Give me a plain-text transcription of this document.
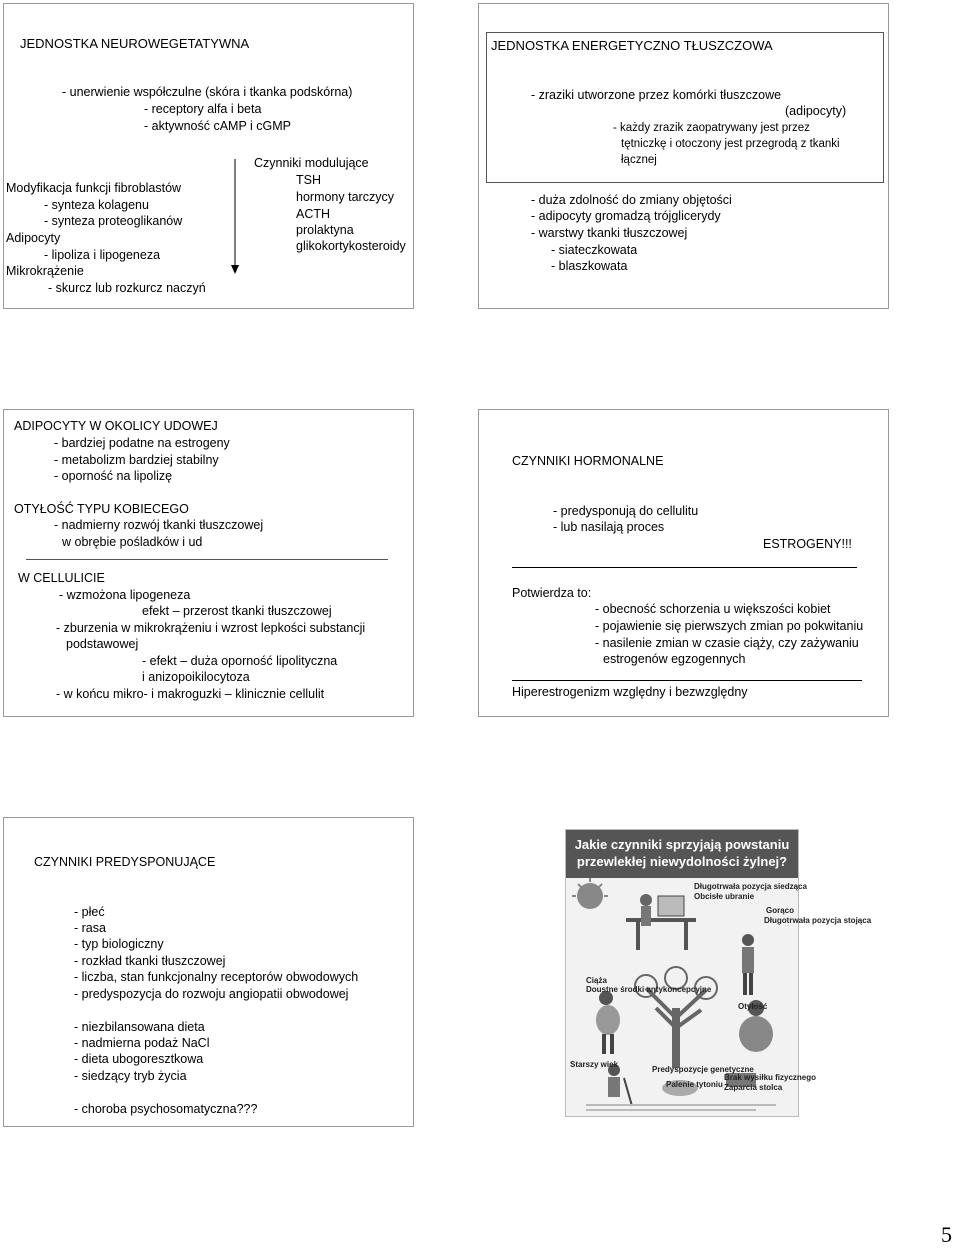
JEDNOSTKA NEUROWEGETATYWNA
- unerwienie współczulne (skóra i tkanka podskórna)
- receptory alfa i beta
- aktywność cAMP i cGMP
Modyfikacja funkcji fibroblastów
- synteza kolagenu
- synteza proteoglikanów
Adipocyty
- lipoliza i lipogeneza
Mikrokrążenie
- skurcz lub rozkurcz naczyń
Czynniki modulujące
TSH
hormony tarczycy
ACTH
prolaktyna
glikokortykosteroidy
JEDNOSTKA ENERGETYCZNO TŁUSZCZOWA
- zraziki utworzone przez komórki tłuszczowe
(adipocyty)
- każdy zrazik zaopatrywany jest przez
tętniczkę i otoczony jest przegrodą z tkanki
łącznej
- duża zdolność do zmiany objętości
- adipocyty gromadzą trójglicerydy
- warstwy tkanki tłuszczowej
- siateczkowata
- blaszkowata
ADIPOCYTY W OKOLICY UDOWEJ
- bardziej podatne na estrogeny
- metabolizm bardziej stabilny
- oporność na lipolizę
OTYŁOŚĆ TYPU KOBIECEGO
- nadmierny rozwój tkanki tłuszczowej
w obrębie pośladków i ud
W CELLULICIE
- wzmożona lipogeneza
efekt – przerost tkanki tłuszczowej
- zburzenia w mikrokrążeniu i wzrost lepkości substancji
podstawowej
- efekt – duża oporność lipolityczna
i anizopoikilocytoza
- w końcu mikro- i makroguzki – klinicznie cellulit
CZYNNIKI HORMONALNE
- predysponują do cellulitu
- lub nasilają proces
ESTROGENY!!!
Potwierdza to:
- obecność schorzenia u większości kobiet
- pojawienie się pierwszych zmian po pokwitaniu
- nasilenie zmian w czasie ciąży, czy zażywaniu
estrogenów egzogennych
Hiperestrogenizm względny i bezwzględny
CZYNNIKI PREDYSPONUJĄCE
- płeć
- rasa
- typ biologiczny
- rozkład tkanki tłuszczowej
- liczba, stan funkcjonalny receptorów obwodowych
- predyspozycja do rozwoju angiopatii obwodowej
- niezbilansowana dieta
- nadmierna podaż NaCl
- dieta ubogoresztkowa
- siedzący tryb życia
- choroba psychosomatyczna???
Jakie czynniki sprzyjają powstaniu przewlekłej niewydolności żylnej?
Długotrwała pozycja siedząca
Obcisłe ubranie
Gorąco
Długotrwała pozycja stojąca
Ciąża
Doustne środki antykoncepcyjne
Otyłość
Starszy wiek
Predyspozycje genetyczne
Palenie tytoniu
Brak wysiłku fizycznego
Zaparcia stolca
5
